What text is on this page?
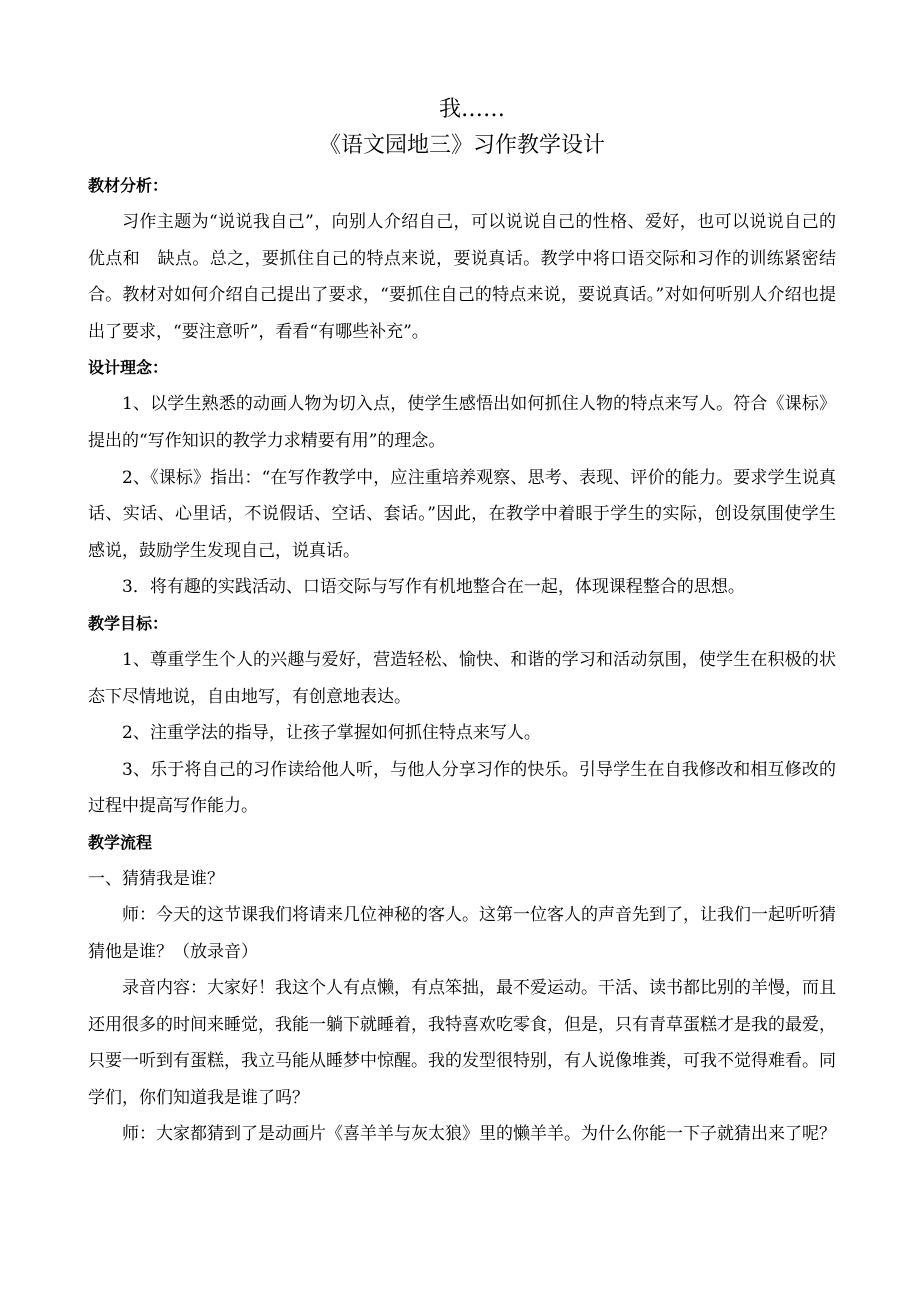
我……

《语文园地三》习作教学设计

教材分析：

习作主题为“说说我自己”，向别人介绍自己，可以说说自己的性格、爱好，也可以说说自己的优点和　缺点。总之，要抓住自己的特点来说，要说真话。教学中将口语交际和习作的训练紧密结合。教材对如何介绍自己提出了要求，“要抓住自己的特点来说，要说真话。”对如何听别人介绍也提出了要求，“要注意听”，看看“有哪些补充”。

设计理念：

1、以学生熟悉的动画人物为切入点，使学生感悟出如何抓住人物的特点来写人。符合《课标》提出的“写作知识的教学力求精要有用”的理念。

2、《课标》指出：“在写作教学中，应注重培养观察、思考、表现、评价的能力。要求学生说真话、实话、心里话，不说假话、空话、套话。”因此，在教学中着眼于学生的实际，创设氛围使学生感说，鼓励学生发现自己，说真话。

3．将有趣的实践活动、口语交际与写作有机地整合在一起，体现课程整合的思想。

教学目标：

1、尊重学生个人的兴趣与爱好，营造轻松、愉快、和谐的学习和活动氛围，使学生在积极的状态下尽情地说，自由地写，有创意地表达。

2、注重学法的指导，让孩子掌握如何抓住特点来写人。

3、乐于将自己的习作读给他人听，与他人分享习作的快乐。引导学生在自我修改和相互修改的过程中提高写作能力。

教学流程

一、猜猜我是谁？

师：今天的这节课我们将请来几位神秘的客人。这第一位客人的声音先到了，让我们一起听听猜猜他是谁？（放录音）

录音内容：大家好！我这个人有点懒，有点笨拙，最不爱运动。干活、读书都比别的羊慢，而且还用很多的时间来睡觉，我能一躺下就睡着，我特喜欢吃零食，但是，只有青草蛋糕才是我的最爱，只要一听到有蛋糕，我立马能从睡梦中惊醒。我的发型很特别，有人说像堆粪，可我不觉得难看。同学们，你们知道我是谁了吗？

师：大家都猜到了是动画片《喜羊羊与灰太狼》里的懒羊羊。为什么你能一下子就猜出来了呢？
